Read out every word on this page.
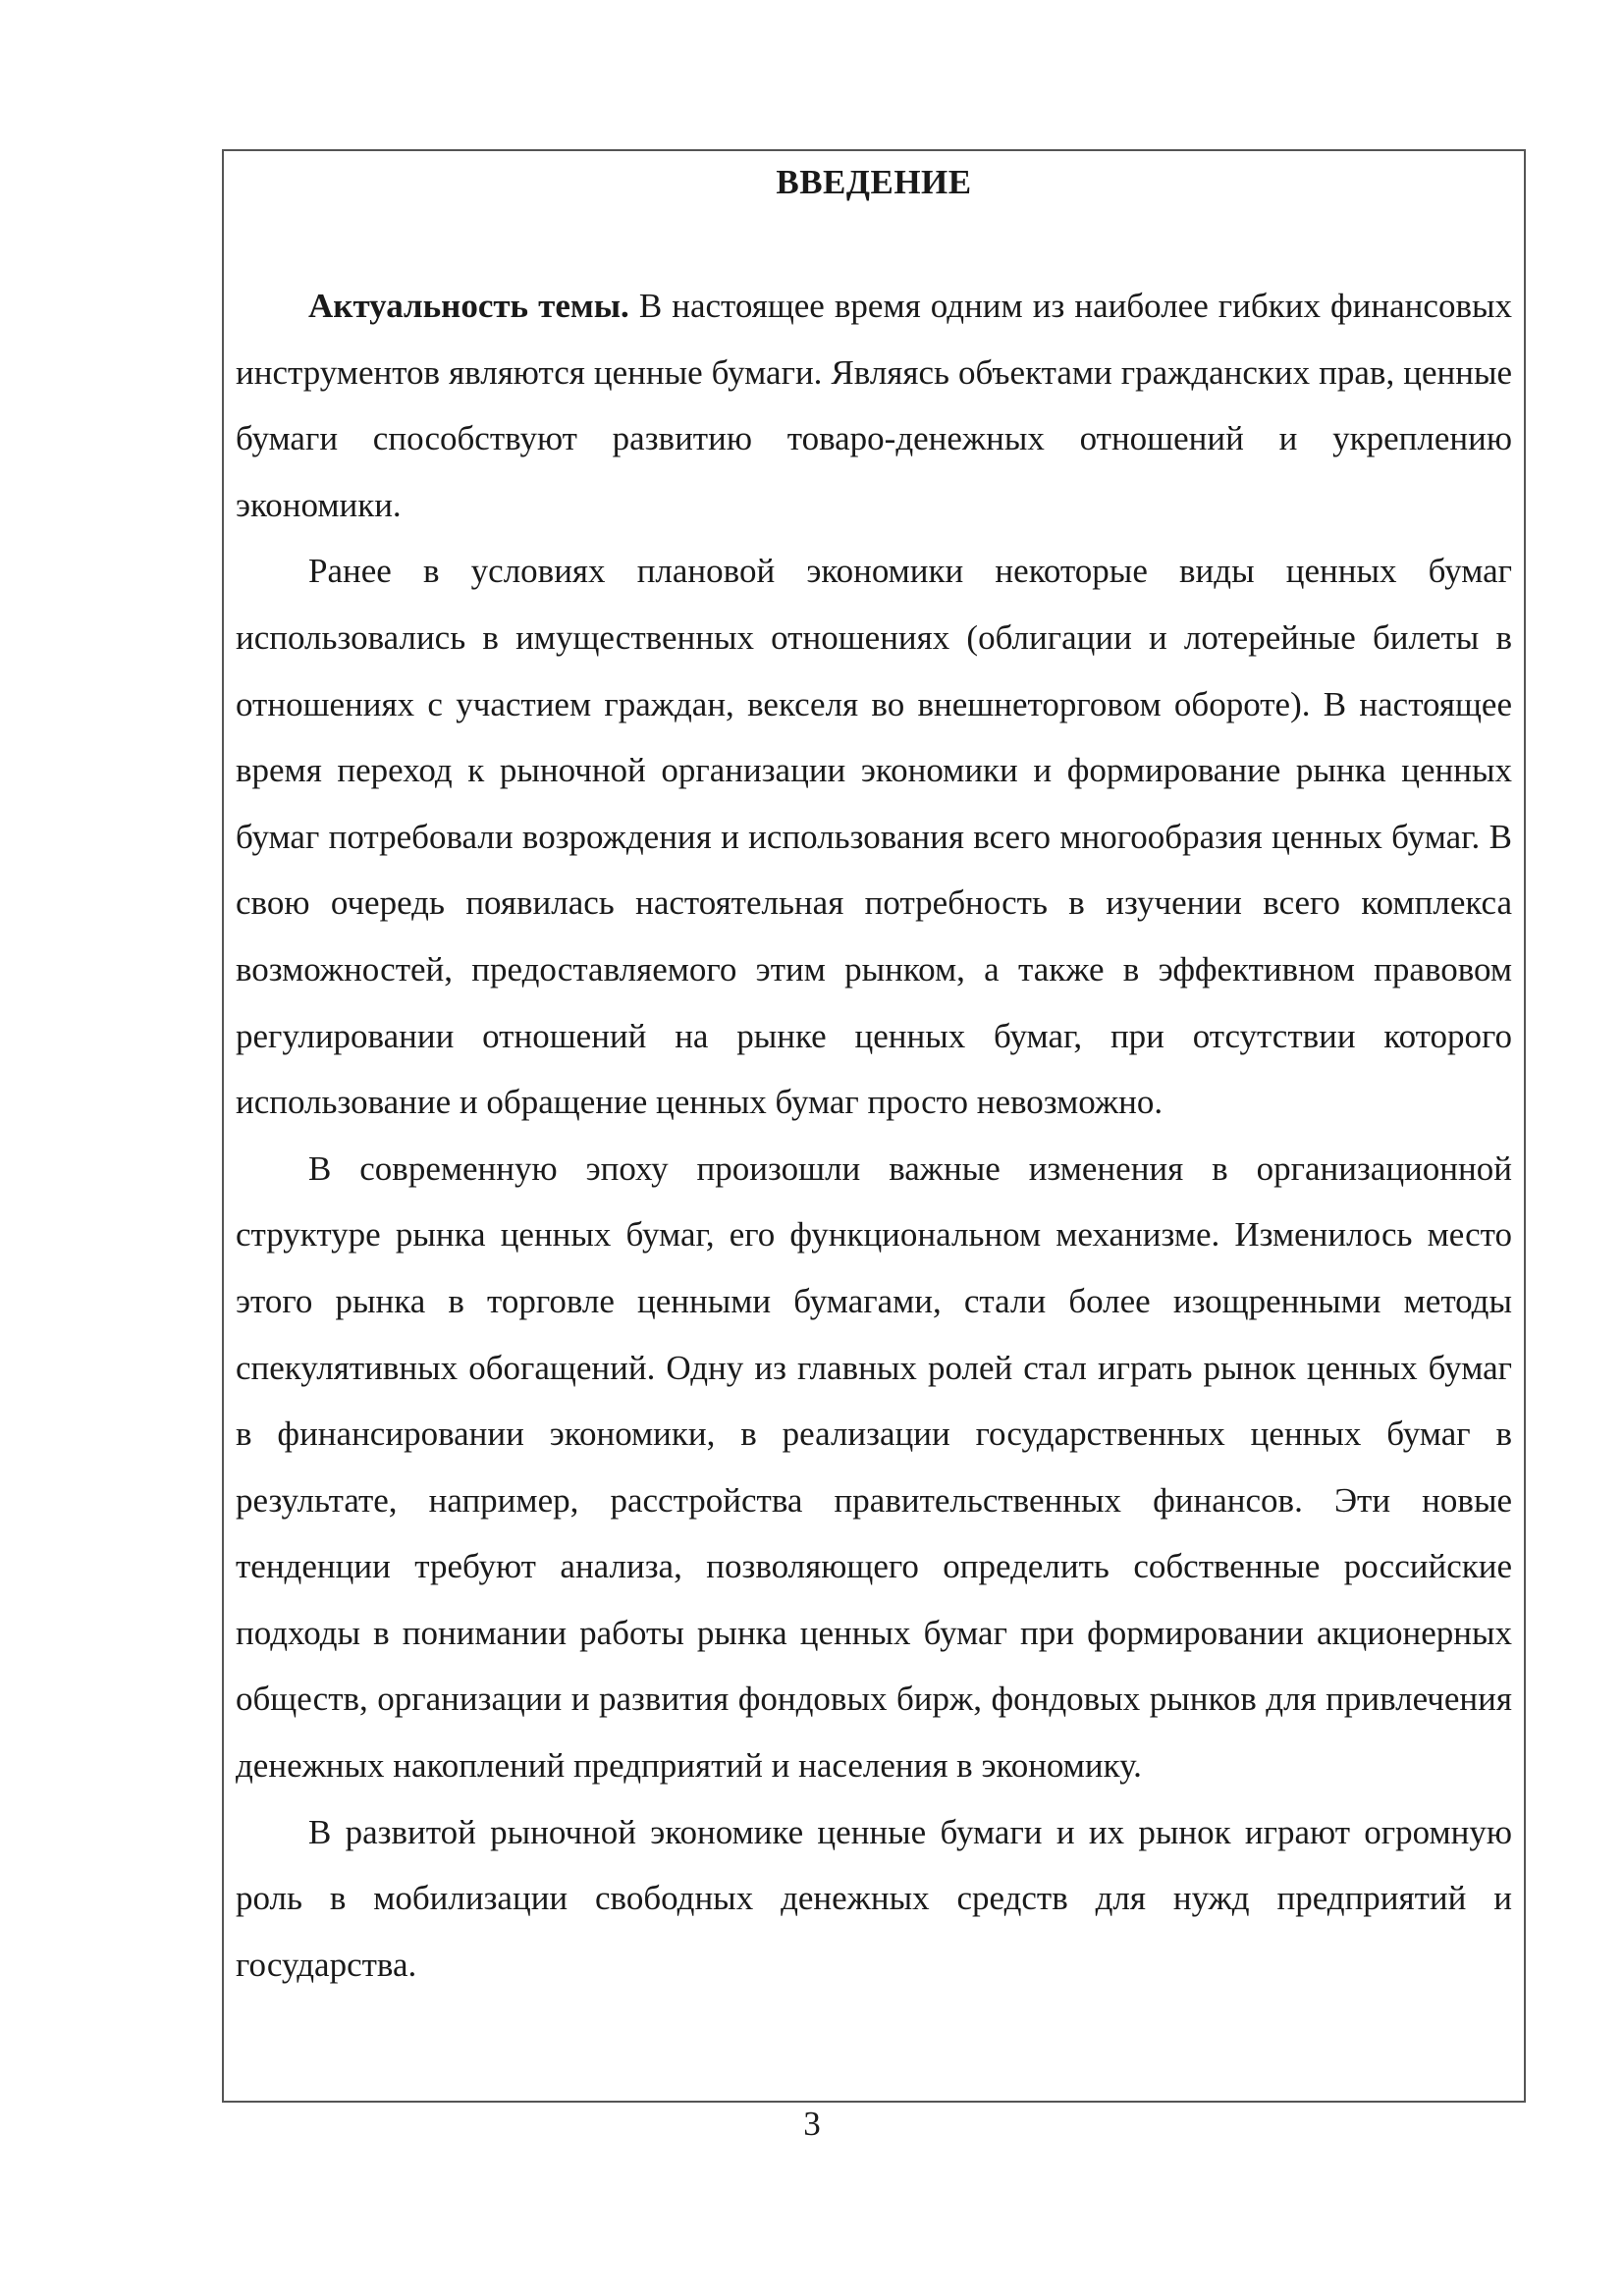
ВВЕДЕНИЕ

Актуальность темы. В настоящее время одним из наиболее гибких финансовых инструментов являются ценные бумаги. Являясь объектами гражданских прав, ценные бумаги способствуют развитию товаро-денежных отношений и укреплению экономики.

Ранее в условиях плановой экономики некоторые виды ценных бумаг использовались в имущественных отношениях (облигации и лотерейные билеты в отношениях с участием граждан, векселя во внешнеторговом обороте). В настоящее время переход к рыночной организации экономики и формирование рынка ценных бумаг потребовали возрождения и использования всего многообразия ценных бумаг. В свою очередь появилась настоятельная потребность в изучении всего комплекса возможностей, предоставляемого этим рынком, а также в эффективном правовом регулировании отношений на рынке ценных бумаг, при отсутствии которого использование и обращение ценных бумаг просто невозможно.

В современную эпоху произошли важные изменения в организационной структуре рынка ценных бумаг, его функциональном механизме. Изменилось место этого рынка в торговле ценными бумагами, стали более изощренными методы спекулятивных обогащений. Одну из главных ролей стал играть рынок ценных бумаг в финансировании экономики, в реализации государственных ценных бумаг в результате, например, расстройства правительственных финансов. Эти новые тенденции требуют анализа, позволяющего определить собственные российские подходы в понимании работы рынка ценных бумаг при формировании акционерных обществ, организации и развития фондовых бирж, фондовых рынков для привлечения денежных накоплений предприятий и населения в экономику.

В развитой рыночной экономике ценные бумаги и их рынок играют огромную роль в мобилизации свободных денежных средств для нужд предприятий и государства.

3
